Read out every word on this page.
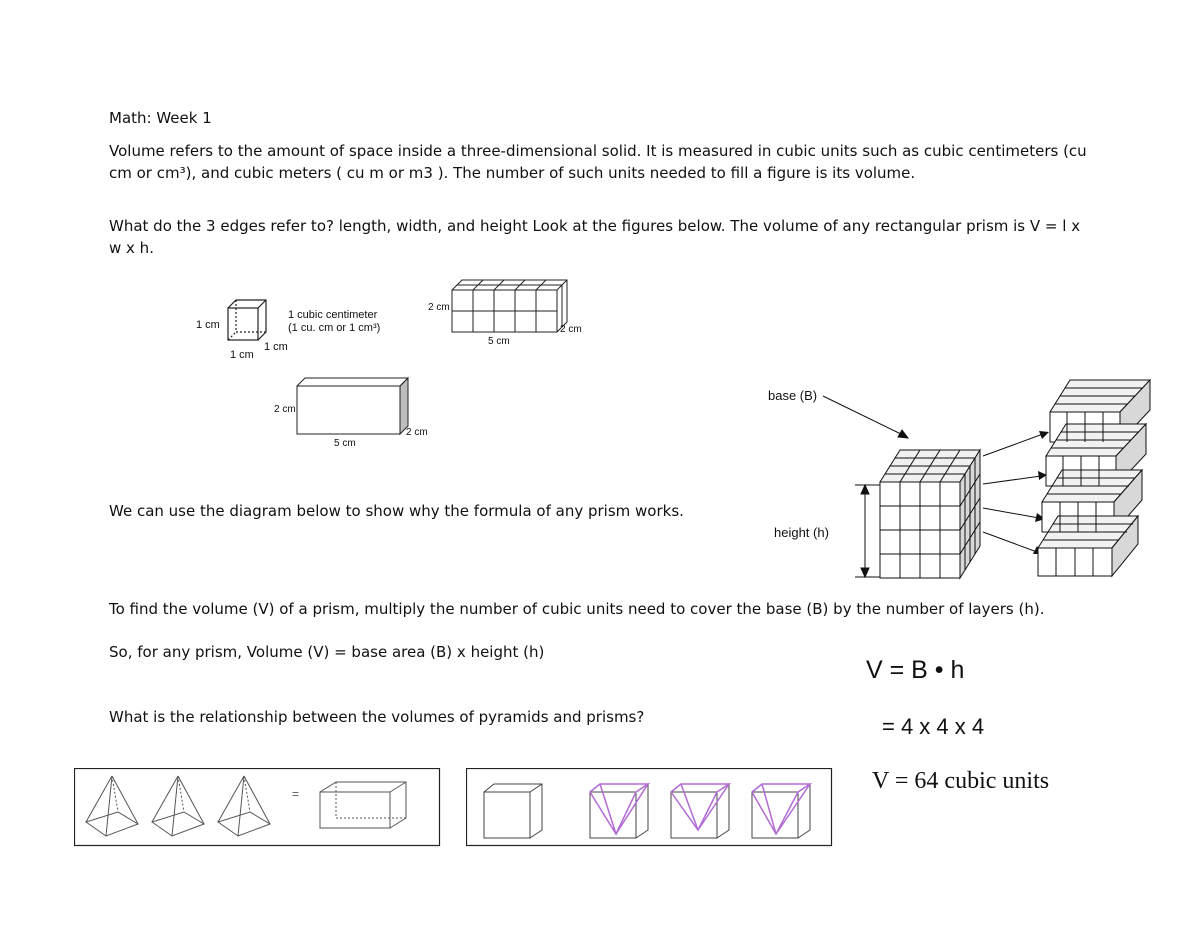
Math: Week 1

Volume refers to the amount of space inside a three-dimensional solid. It is measured in cubic units such as cubic centimeters (cu cm or cm³), and cubic meters ( cu m or m3 ). The number of such units needed to fill a figure is its volume.

What do the 3 edges refer to? length, width, and height Look at the figures below. The volume of any rectangular prism is V = l x w x h.

We can use the diagram below to show why the formula of any prism works.

To find the volume (V) of a prism, multiply the number of cubic units need to cover the base (B) by the number of layers (h).

So, for any prism, Volume (V) = base area (B) x height (h)

What is the relationship between the volumes of pyramids and prisms?

1 cm
1 cm
1 cm
1 cubic centimeter
(1 cu. cm or 1 cm³)
2 cm
5 cm
2 cm
2 cm
5 cm
2 cm
base (B)
height (h)
V = B • h
= 4 x 4 x 4
V = 64 cubic units
=
